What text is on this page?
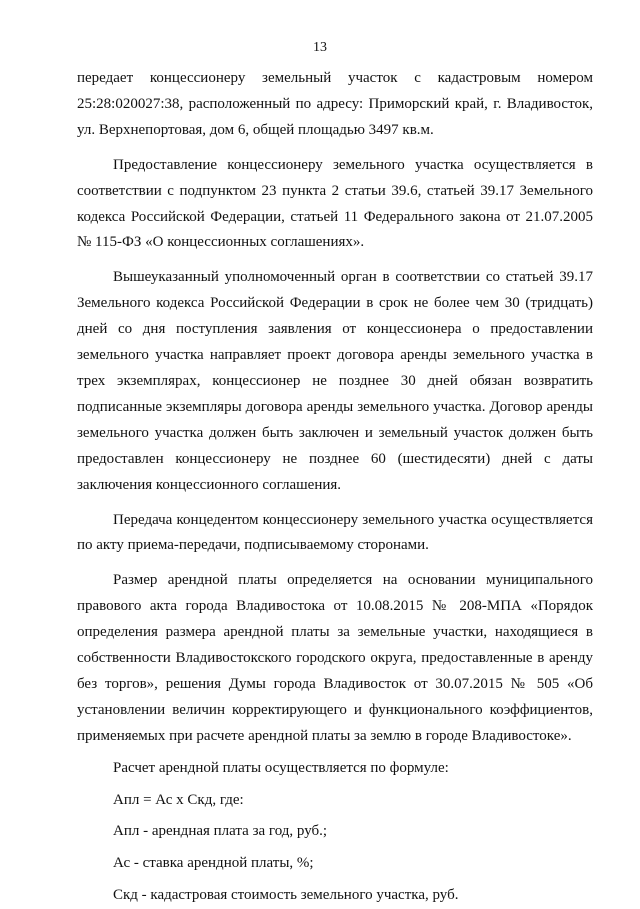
13

передает концессионеру земельный участок с кадастровым номером 25:28:020027:38, расположенный по адресу: Приморский край, г. Владивосток, ул. Верхнепортовая, дом 6, общей площадью 3497 кв.м.

Предоставление концессионеру земельного участка осуществляется в соответствии с подпунктом 23 пункта 2 статьи 39.6, статьей 39.17 Земельного кодекса Российской Федерации, статьей 11 Федерального закона от 21.07.2005 № 115-ФЗ «О концессионных соглашениях».

Вышеуказанный уполномоченный орган в соответствии со статьей 39.17 Земельного кодекса Российской Федерации в срок не более чем 30 (тридцать) дней со дня поступления заявления от концессионера о предоставлении земельного участка направляет проект договора аренды земельного участка в трех экземплярах, концессионер не позднее 30 дней обязан возвратить подписанные экземпляры договора аренды земельного участка. Договор аренды земельного участка должен быть заключен и земельный участок должен быть предоставлен концессионеру не позднее 60 (шестидесяти) дней с даты заключения концессионного соглашения.

Передача концедентом концессионеру земельного участка осуществляется по акту приема-передачи, подписываемому сторонами.

Размер арендной платы определяется на основании муниципального правового акта города Владивостока от 10.08.2015 № 208-МПА «Порядок определения размера арендной платы за земельные участки, находящиеся в собственности Владивостокского городского округа, предоставленные в аренду без торгов», решения Думы города Владивосток от 30.07.2015 № 505 «Об установлении величин корректирующего и функционального коэффициентов, применяемых при расчете арендной платы за землю в городе Владивостоке».

Расчет арендной платы осуществляется по формуле:

Апл = Ас х Скд, где:

Апл - арендная плата за год, руб.;

Ас - ставка арендной платы, %;

Скд - кадастровая стоимость земельного участка, руб.
